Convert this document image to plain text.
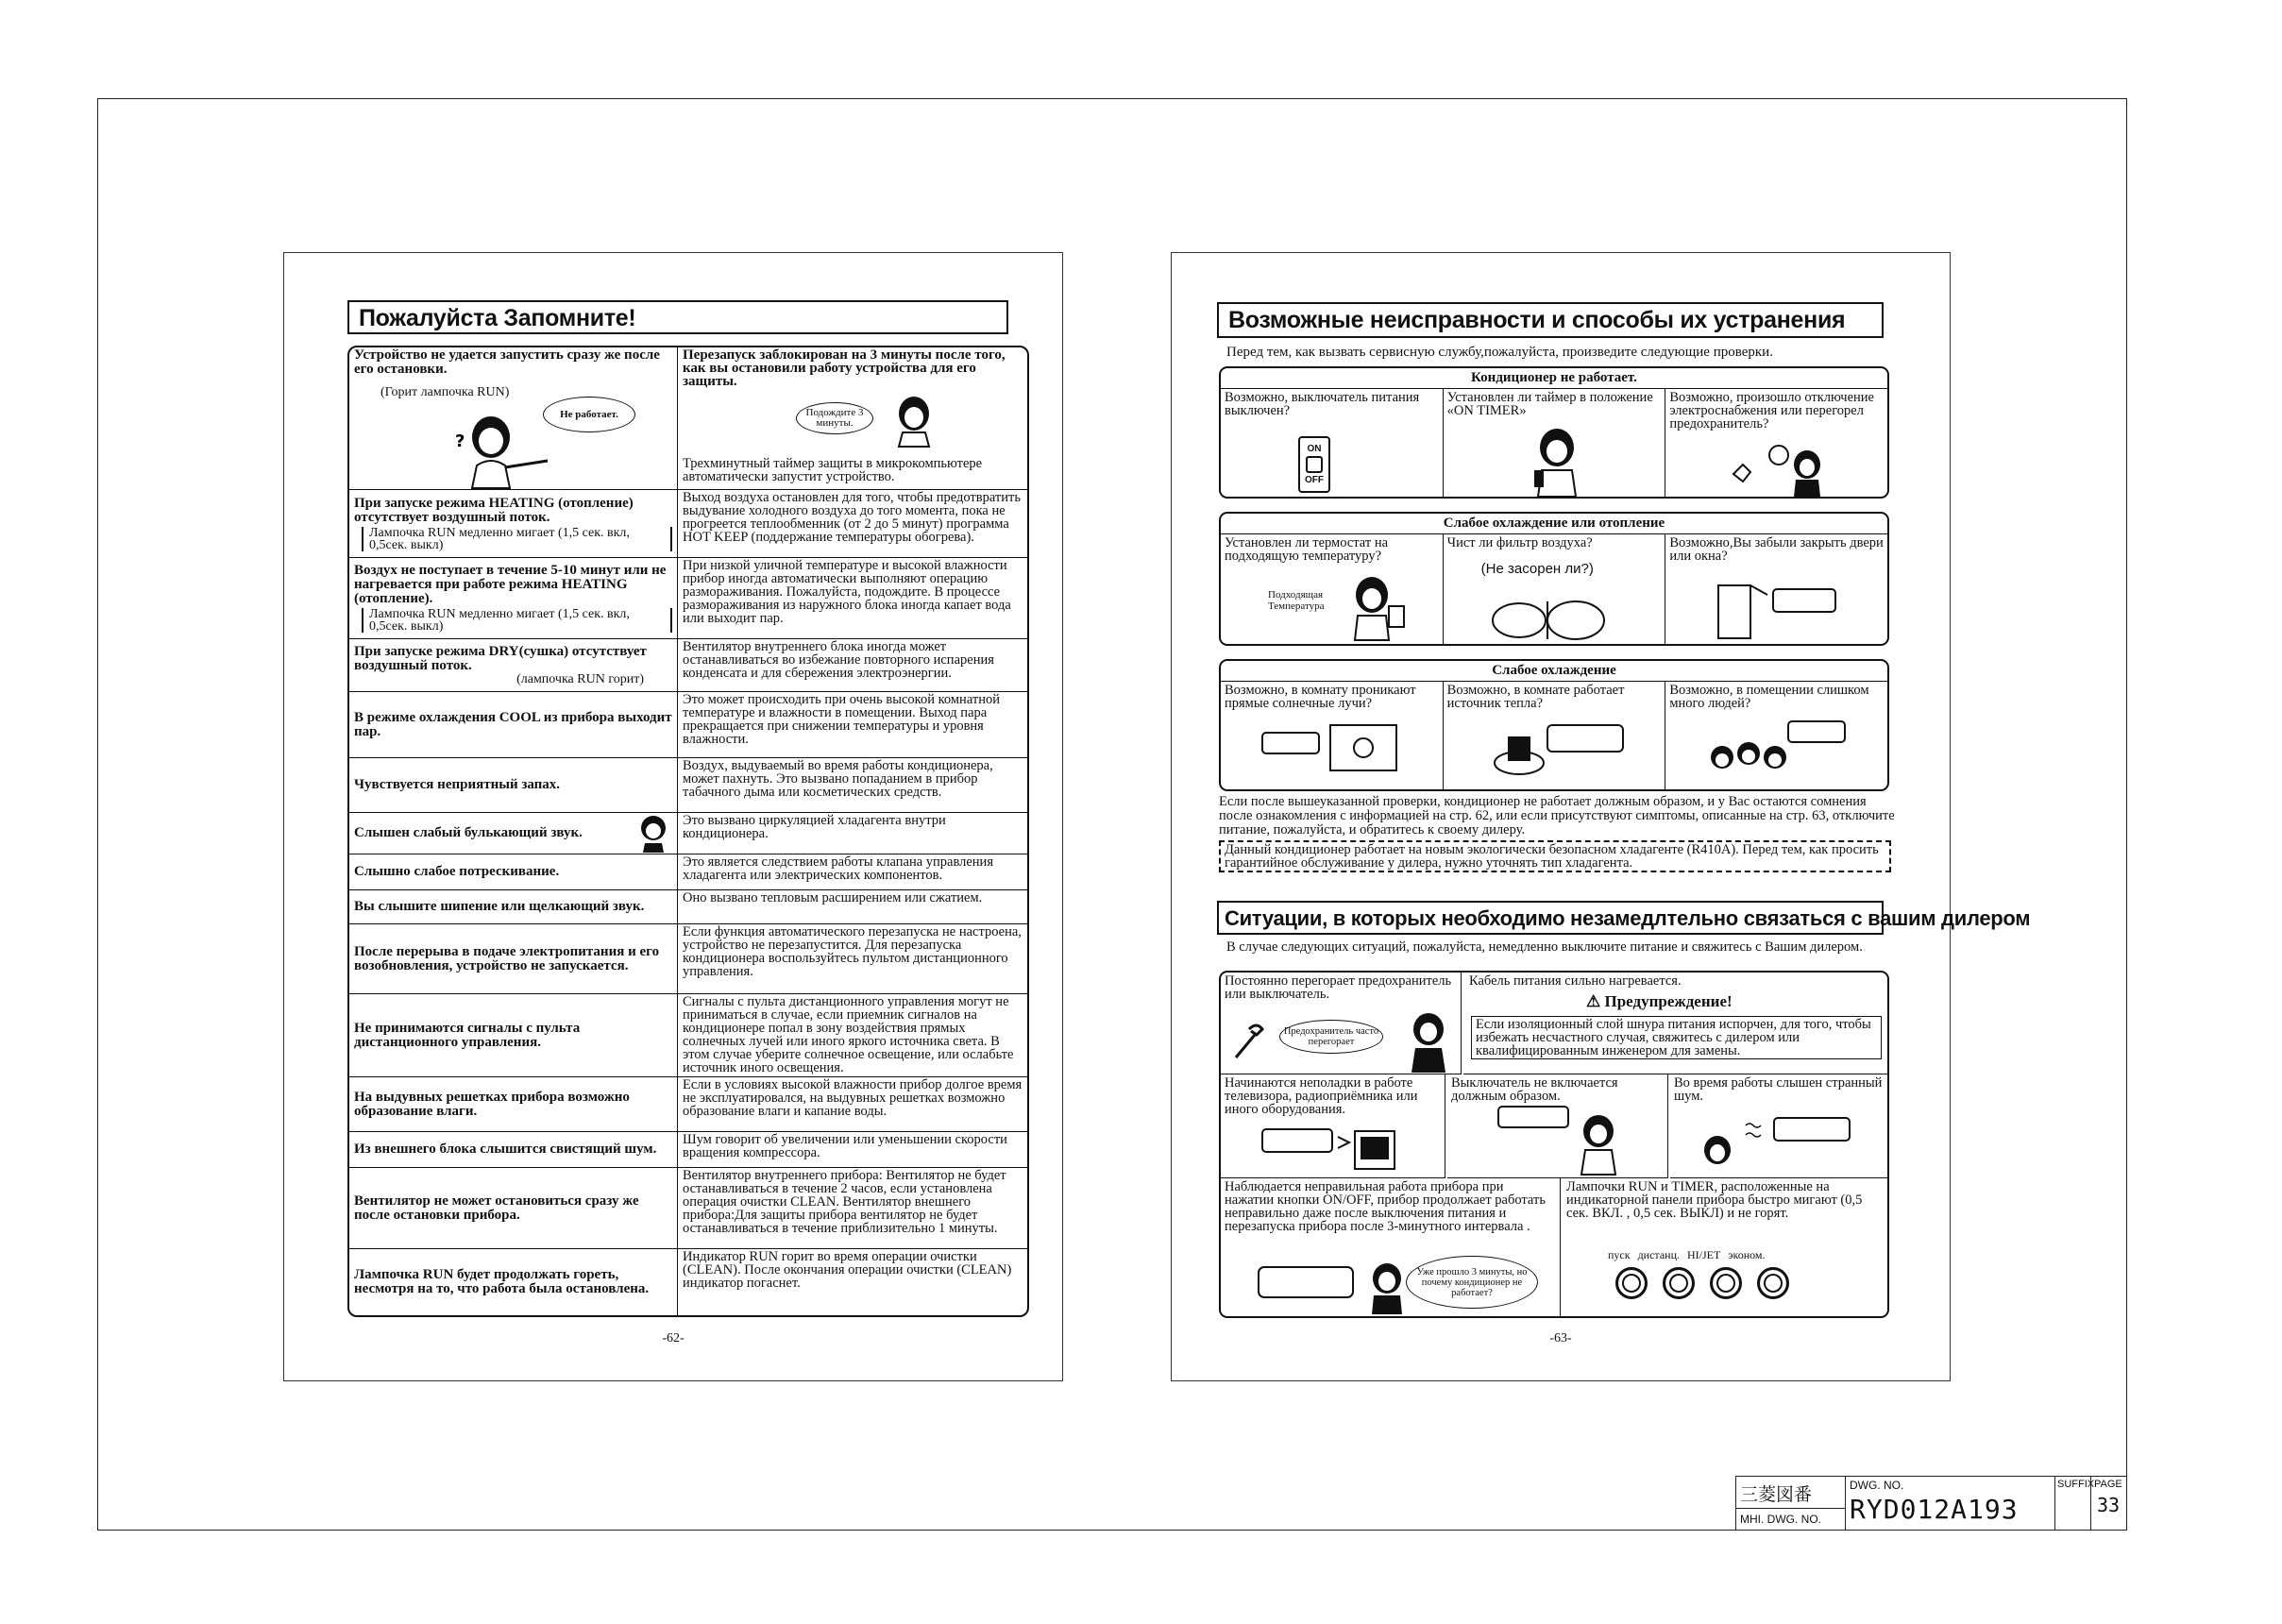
Пожалуйста Запомните!
Устройство не удается запустить сразу же после его остановки.
(Горит лампочка RUN)
Не работает.
?
Перезапуск заблокирован на 3 минуты после того, как вы остановили работу устройства для его защиты.
Подождите 3 минуты.
Трехминутный таймер защиты в микрокомпьютере автоматически запустит устройство.
При запуске режима HEATING (отопление) отсутствует воздушный поток.
Лампочка RUN медленно мигает (1,5 сек. вкл, 0,5сек. выкл)
Выход воздуха остановлен для того, чтобы предотвратить выдувание холодного воздуха до того момента, пока не прогреется теплообменник (от 2 до 5 минут) программа HOT KEEP (поддержание температуры обогрева).
Воздух не поступает в течение 5-10 минут или не нагревается при работе режима HEATING (отопление).
Лампочка RUN медленно мигает (1,5 сек. вкл, 0,5сек. выкл)
При низкой уличной температуре и высокой влажности прибор иногда автоматически выполняют операцию размораживания. Пожалуйста, подождите. В процессе размораживания из наружного блока иногда капает вода или выходит пар.
При запуске режима DRY(сушка) отсутствует воздушный поток.
(лампочка RUN горит)
Вентилятор внутреннего блока иногда может останавливаться во избежание повторного испарения конденсата и для сбережения электроэнергии.
В режиме охлаждения COOL из прибора выходит пар.
Это может происходить при очень высокой комнатной температуре и влажности в помещении. Выход пара прекращается при снижении температуры и уровня влажности.
Чувствуется неприятный запах.
Воздух, выдуваемый во время работы кондиционера, может пахнуть. Это вызвано попаданием в прибор табачного дыма или косметических средств.
Слышен слабый булькающий звук.
Это вызвано циркуляцией хладагента внутри кондиционера.
Слышно слабое потрескивание.
Это является следствием работы клапана управления хладагента или электрических компонентов.
Вы слышите шипение или щелкающий звук.
Оно вызвано тепловым расширением или сжатием.
После перерыва в подаче электропитания и его возобновления, устройство не запускается.
Если функция автоматического перезапуска не настроена, устройство не перезапустится. Для перезапуска кондиционера воспользуйтесь пультом дистанционного управления.
Не принимаются сигналы с пульта дистанционного управления.
Сигналы с пульта дистанционного управления могут не приниматься в случае, если приемник сигналов на кондиционере попал в зону воздействия прямых солнечных лучей или иного яркого источника света. В этом случае уберите солнечное освещение, или ослабьте источник иного освещения.
На выдувных решетках прибора возможно образование влаги.
Если в условиях высокой влажности прибор долгое время не эксплуатировался, на выдувных решетках возможно образование влаги и капание воды.
Из внешнего блока слышится свистящий шум.
Шум говорит об увеличении или уменьшении скорости вращения компрессора.
Вентилятор не может остановиться сразу же после остановки прибора.
Вентилятор внутреннего прибора: Вентилятор не будет останавливаться в течение 2 часов, если установлена операция очистки CLEAN. Вентилятор внешнего прибора:Для защиты прибора вентилятор не будет останавливаться в течение приблизительно 1 минуты.
Лампочка RUN будет продолжать гореть, несмотря на то, что работа была остановлена.
Индикатор RUN горит во время операции очистки (CLEAN). После окончания операции очистки (CLEAN) индикатор погаснет.
-62-
Возможные неисправности и способы их устранения
Перед тем, как вызвать сервисную службу,пожалуйста, произведите следующие проверки.
Кондиционер не работает.
Возможно, выключатель питания выключен?
ON
OFF
Установлен ли таймер в положение «ON TIMER»
Возможно, произошло отключение электроснабжения или перегорел предохранитель?
Слабое охлаждение или отопление
Установлен ли термостат на подходящую температуру?
Подходящая Температура
Чист ли фильтр воздуха?
(Не засорен ли?)
Возможно,Вы забыли закрыть двери или окна?
Слабое охлаждение
Возможно, в комнату проникают прямые солнечные лучи?
Возможно, в комнате работает источник тепла?
Возможно, в помещении слишком много людей?
Если после вышеуказанной проверки, кондиционер не работает должным образом, и у Вас остаются сомнения после ознакомления с информацией на стр. 62, или если присутствуют симптомы, описанные на стр. 63, отключите питание, пожалуйста, и обратитесь к своему дилеру.
Данный кондиционер работает на новым экологически безопасном хладагенте (R410A). Перед тем, как просить гарантийное обслуживание у дилера, нужно уточнять тип хладагента.
Ситуации, в которых необходимо незамедлтельно связаться с вашим дилером
В случае следующих ситуаций, пожалуйста, немедленно выключите питание и свяжитесь с Вашим дилером.
Постоянно перегорает предохранитель или выключатель.
Предохранитель часто перегорает
Кабель питания сильно нагревается.
⚠ Предупреждение!
Если изоляционный слой шнура питания испорчен, для того, чтобы избежать несчастного случая, свяжитесь с дилером или квалифицированным инженером для замены.
Начинаются неполадки в работе телевизора, радиоприёмника или иного оборудования.
Выключатель не включается должным образом.
Во время работы слышен странный шум.
Наблюдается неправильная работа прибора при нажатии кнопки ON/OFF, прибор продолжает работать неправильно даже после выключения питания и перезапуска прибора после 3-минутного интервала .
Уже прошло 3 минуты, но почему кондиционер не работает?
Лампочки RUN и TIMER, расположенные на индикаторной панели прибора быстро мигают (0,5 сек. ВКЛ. , 0,5 сек. ВЫКЛ) и не горят.
пуск дистанц. HI/JET эконом.
-63-
三菱図番
MHI. DWG. NO.
DWG. NO.
RYD012A193
SUFFIX PAGE
33
